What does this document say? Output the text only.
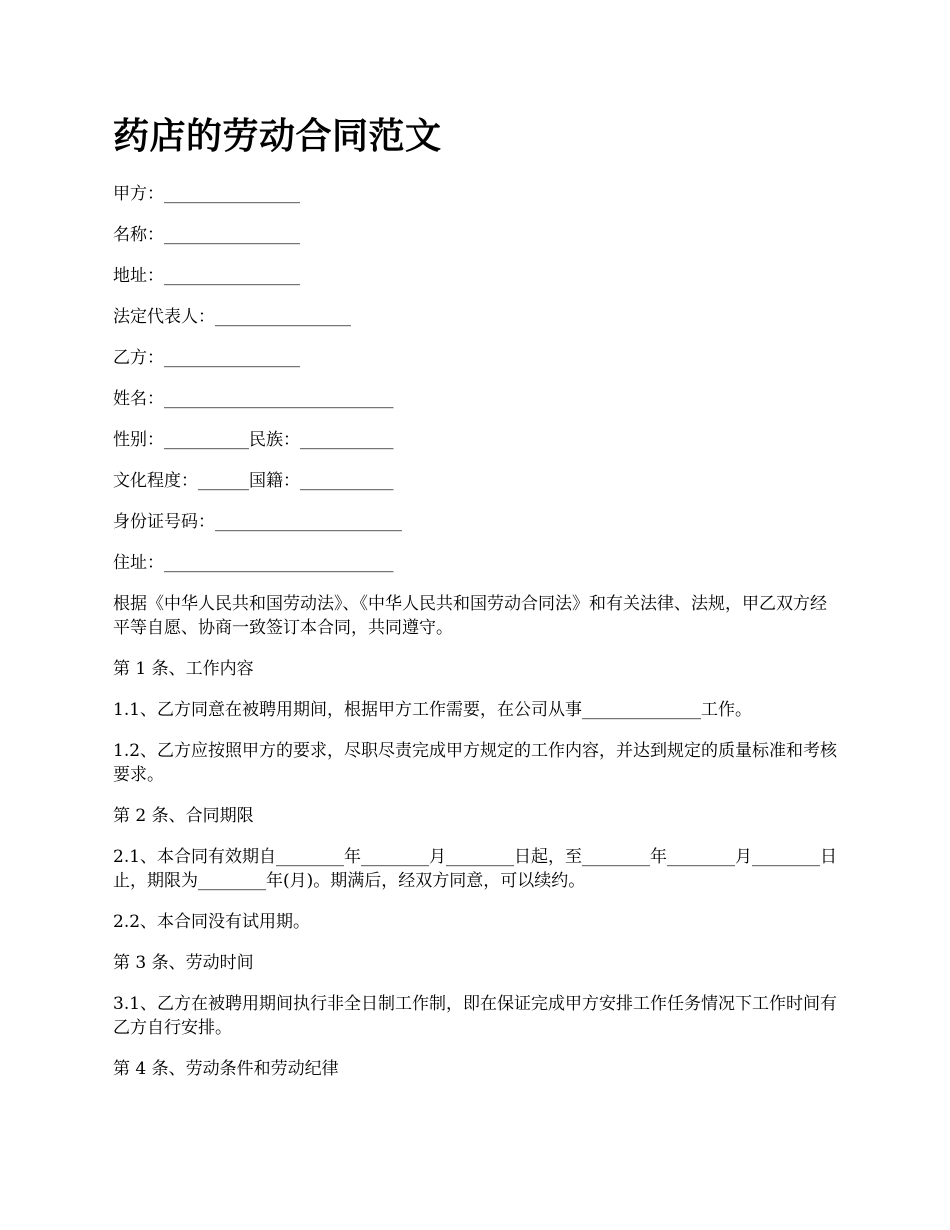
药店的劳动合同范文
甲方：________________
名称：________________
地址：________________
法定代表人：________________
乙方：________________
姓名：___________________________
性别：__________民族：___________
文化程度：______国籍：___________
身份证号码：______________________
住址：___________________________

根据《中华人民共和国劳动法》、《中华人民共和国劳动合同法》和有关法律、法规，甲乙双方经平等自愿、协商一致签订本合同，共同遵守。

第 1 条、工作内容

1.1、乙方同意在被聘用期间，根据甲方工作需要，在公司从事______________工作。

1.2、乙方应按照甲方的要求，尽职尽责完成甲方规定的工作内容，并达到规定的质量标准和考核要求。

第 2 条、合同期限

2.1、本合同有效期自________年________月________日起，至________年________月________日止，期限为________年(月)。期满后，经双方同意，可以续约。

2.2、本合同没有试用期。

第 3 条、劳动时间

3.1、乙方在被聘用期间执行非全日制工作制，即在保证完成甲方安排工作任务情况下工作时间有乙方自行安排。

第 4 条、劳动条件和劳动纪律
